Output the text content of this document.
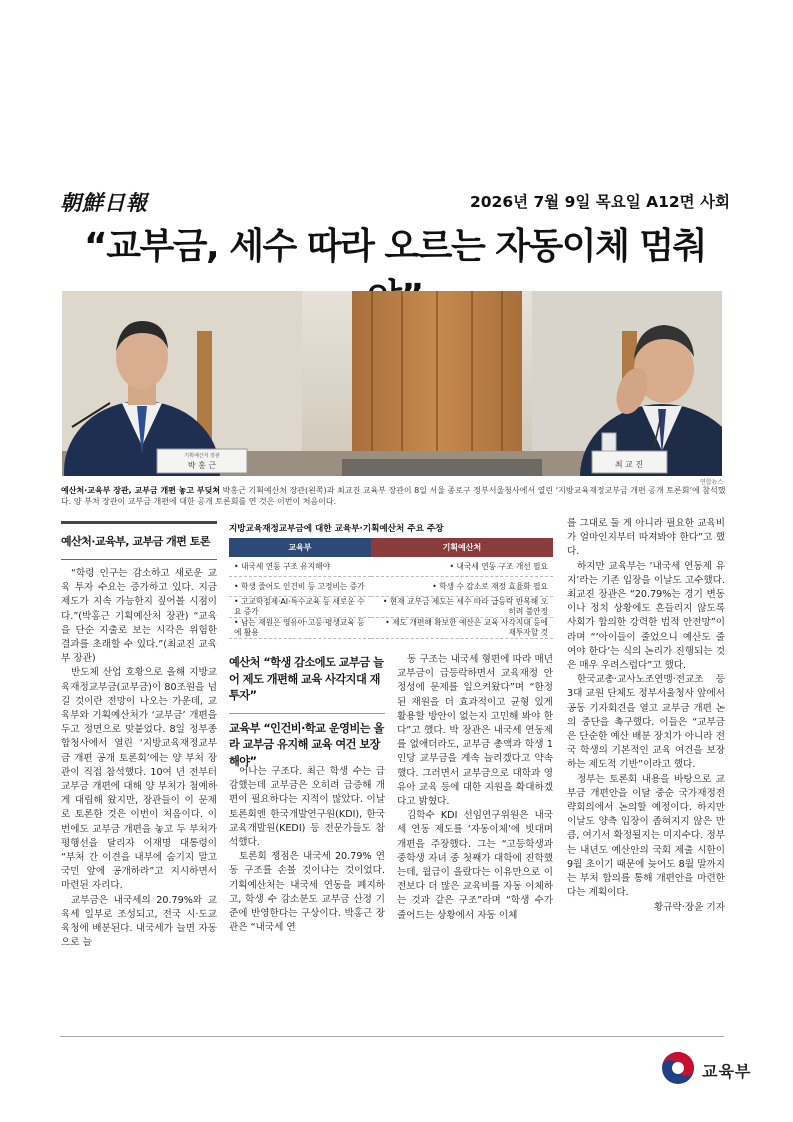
朝鮮日報	2026년 7월 9일 목요일 A12면 사회
“교부금, 세수 따라 오르는 자동이체 멈춰
기획예산처 장관
박 홍 근	최 교 진
연합뉴스
예산처·교육부 장관, 교부금 개편 놓고 부딪쳐 박홍근 기획예산처 장관(왼쪽)과 최교진 교육부 장관이 8일 서울 종로구 정부서울청사에서 열린 ‘지방교육재정교부금 개편 공개 토론회’에 참석했다. 양 부처 장관이 교부금 개편에 대한 공개 토론회를 연 것은 이번이 처음이다.
예산처·교육부, 교부금 개편 토론

“학령 인구는 감소하고 새로운 교육 투자 수요는 증가하고 있다. 지금 제도가 지속 가능한지 짚어볼 시점이다.”(박홍근 기획예산처 장관) “교육을 단순 지출로 보는 시각은 위험한 결과를 초래할 수 있다.”(최교진 교육부 장관)

반도체 산업 호황으로 올해 지방교육재정교부금(교부금)이 80조원을 넘길 것이란 전망이 나오는 가운데, 교육부와 기획예산처가 ‘교부금’ 개편을 두고 정면으로 맞붙었다. 8일 정부종합청사에서 열린 ‘지방교육재정교부금 개편 공개 토론회’에는 양 부처 장관이 직접 참석했다. 10여 년 전부터 교부금 개편에 대해 양 부처가 첨예하게 대립해 왔지만, 장관들이 이 문제로 토론한 것은 이번이 처음이다. 이번에도 교부금 개편을 놓고 두 부처가 평행선을 달리자 이재명 대통령이 “부처 간 이견을 내부에 숨기지 말고 국민 앞에 공개하라”고 지시하면서 마련된 자리다.

교부금은 내국세의 20.79%와 교육세 일부로 조성되고, 전국 시·도교육청에 배분된다. 내국세가 늘면 자동으로 늘

지방교육재정교부금에 대한 교육부·기획예산처 주요 주장
교육부	기획예산처
• 내국세 연동 구조 유지해야	• 내국세 연동 구조 개선 필요
• 학생 줄어도 인건비 등 고정비는 증가	• 학생 수 감소로 재정 효율화 필요
• 고교학점제·AI·특수교육 등 새로운 수요 증가	• 현재 교부금 제도는 세수 따라 급등락 반복해 오히려 불안정
• 남는 재원은 영유아·고등·평생교육 등에 활용	• 제도 개편해 확보한 예산은 교육 사각지대 등에 재투자할 것
예산처 “학생 감소에도 교부금 늘어 제도 개편해 교육 사각지대 재투자”
교육부 “인건비·학교 운영비는 올라 교부금 유지해 교육 여건 보장해야”

어나는 구조다. 최근 학생 수는 급감했는데 교부금은 오히려 급증해 개편이 필요하다는 지적이 많았다. 이날 토론회엔 한국개발연구원(KDI), 한국교육개발원(KEDI) 등 전문가들도 참석했다.

토론회 쟁점은 내국세 20.79% 연동 구조를 손볼 것이냐는 것이었다. 기획예산처는 내국세 연동을 폐지하고, 학생 수 감소분도 교부금 산정 기준에 반영한다는 구상이다. 박홍근 장관은 “내국세 연

동 구조는 내국세 형편에 따라 매년 교부금이 급등락하면서 교육재정 안정성에 문제를 일으켜왔다”며 “한정된 재원을 더 효과적이고 균형 있게 활용할 방안이 없는지 고민해 봐야 한다”고 했다. 박 장관은 내국세 연동제를 없애더라도, 교부금 총액과 학생 1인당 교부금을 계속 늘리겠다고 약속했다. 그러면서 교부금으로 대학과 영유아 교육 등에 대한 지원을 확대하겠다고 밝혔다.

김학수 KDI 선임연구위원은 내국세 연동 제도를 ‘자동이체’에 빗대며 개편을 주장했다. 그는 “고등학생과 중학생 자녀 중 첫째가 대학에 진학했는데, 월급이 올랐다는 이유만으로 이전보다 더 많은 교육비를 자동 이체하는 것과 같은 구조”라며 “학생 수가 줄어드는 상황에서 자동 이체

를 그대로 둘 게 아니라 필요한 교육비가 얼마인지부터 따져봐야 한다”고 했다.

하지만 교육부는 ‘내국세 연동제 유지’라는 기존 입장을 이날도 고수했다. 최교진 장관은 “20.79%는 경기 변동이나 정치 상황에도 흔들리지 않도록 사회가 합의한 강력한 법적 안전망”이라며 “‘아이들이 줄었으니 예산도 줄여야 한다’는 식의 논리가 진행되는 것은 매우 우려스럽다”고 했다.

한국교총·교사노조연맹·전교조 등 3대 교원 단체도 정부서울청사 앞에서 공동 기자회견을 열고 교부금 개편 논의 중단을 촉구했다. 이들은 “교부금은 단순한 예산 배분 장치가 아니라 전국 학생의 기본적인 교육 여건을 보장하는 제도적 기반”이라고 했다.

정부는 토론회 내용을 바탕으로 교부금 개편안을 이달 중순 국가재정전략회의에서 논의할 예정이다. 하지만 이날도 양측 입장이 좁혀지지 않은 만큼, 여기서 확정될지는 미지수다. 정부는 내년도 예산안의 국회 제출 시한이 9월 초이기 때문에 늦어도 8월 말까지는 부처 합의를 통해 개편안을 마련한다는 계획이다.

황규락·장윤 기자
교육부
